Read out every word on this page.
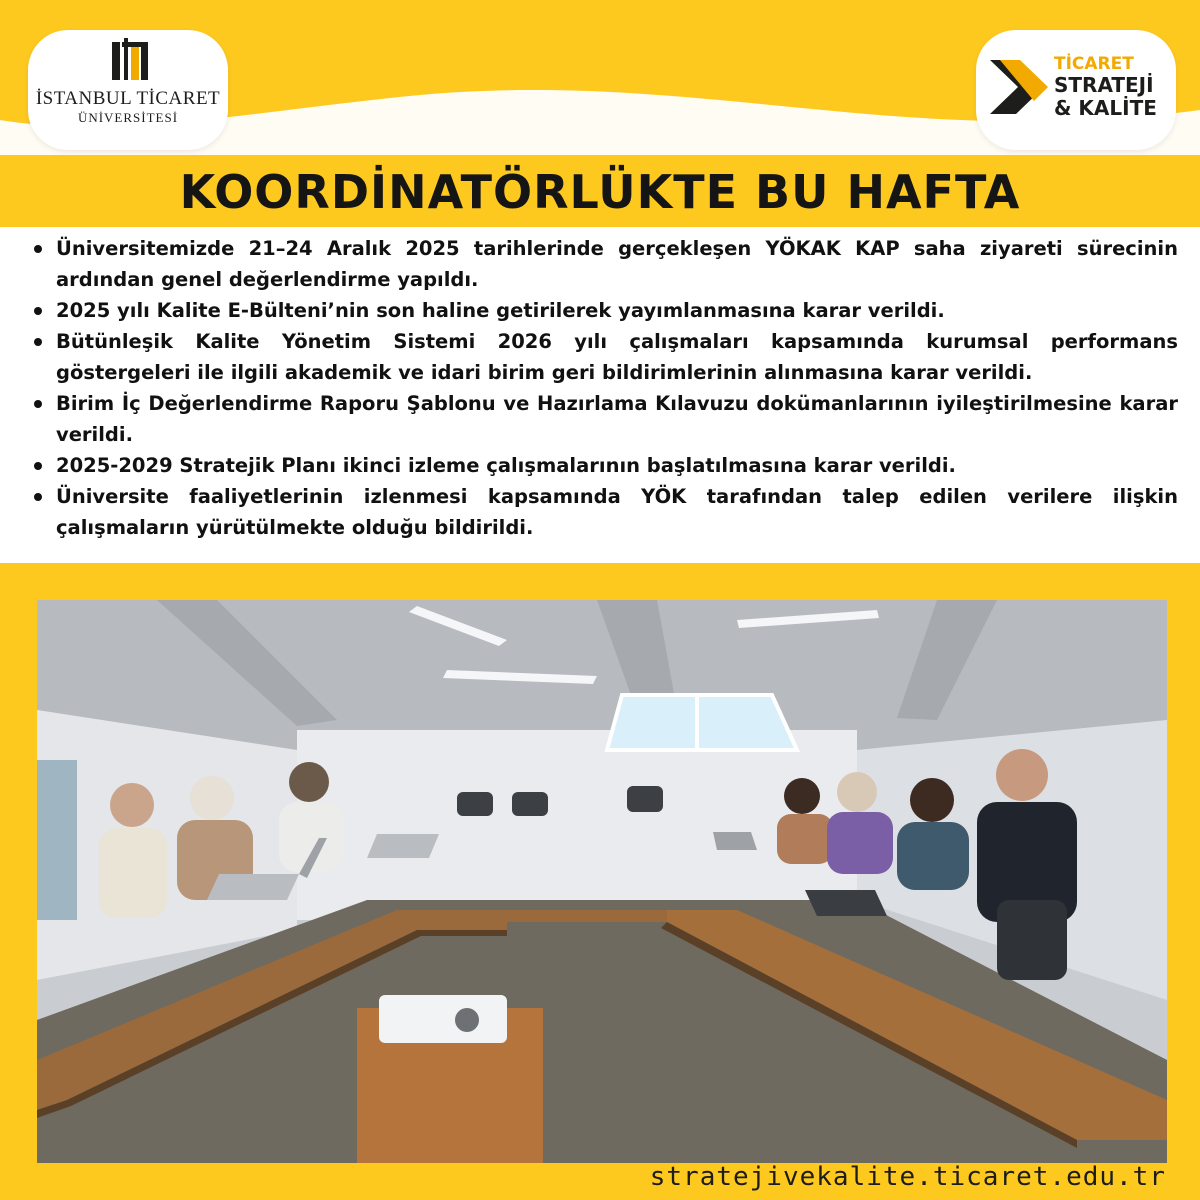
İSTANBUL TİCARET
ÜNİVERSİTESİ
TİCARET
STRATEJİ
& KALİTE
KOORDİNATÖRLÜKTE BU HAFTA
Üniversitemizde 21–24 Aralık 2025 tarihlerinde gerçekleşen YÖKAK KAP saha ziyareti sürecinin ardından genel değerlendirme yapıldı.
2025 yılı Kalite E-Bülteni’nin son haline getirilerek yayımlanmasına karar verildi.
Bütünleşik Kalite Yönetim Sistemi 2026 yılı çalışmaları kapsamında kurumsal performans göstergeleri ile ilgili akademik ve idari birim geri bildirimlerinin alınmasına karar verildi.
Birim İç Değerlendirme Raporu Şablonu ve Hazırlama Kılavuzu dokümanlarının iyileştirilmesine karar verildi.
2025-2029 Stratejik Planı ikinci izleme çalışmalarının başlatılmasına karar verildi.
Üniversite faaliyetlerinin izlenmesi kapsamında YÖK tarafından talep edilen verilere ilişkin çalışmaların yürütülmekte olduğu bildirildi.
stratejivekalite.ticaret.edu.tr
